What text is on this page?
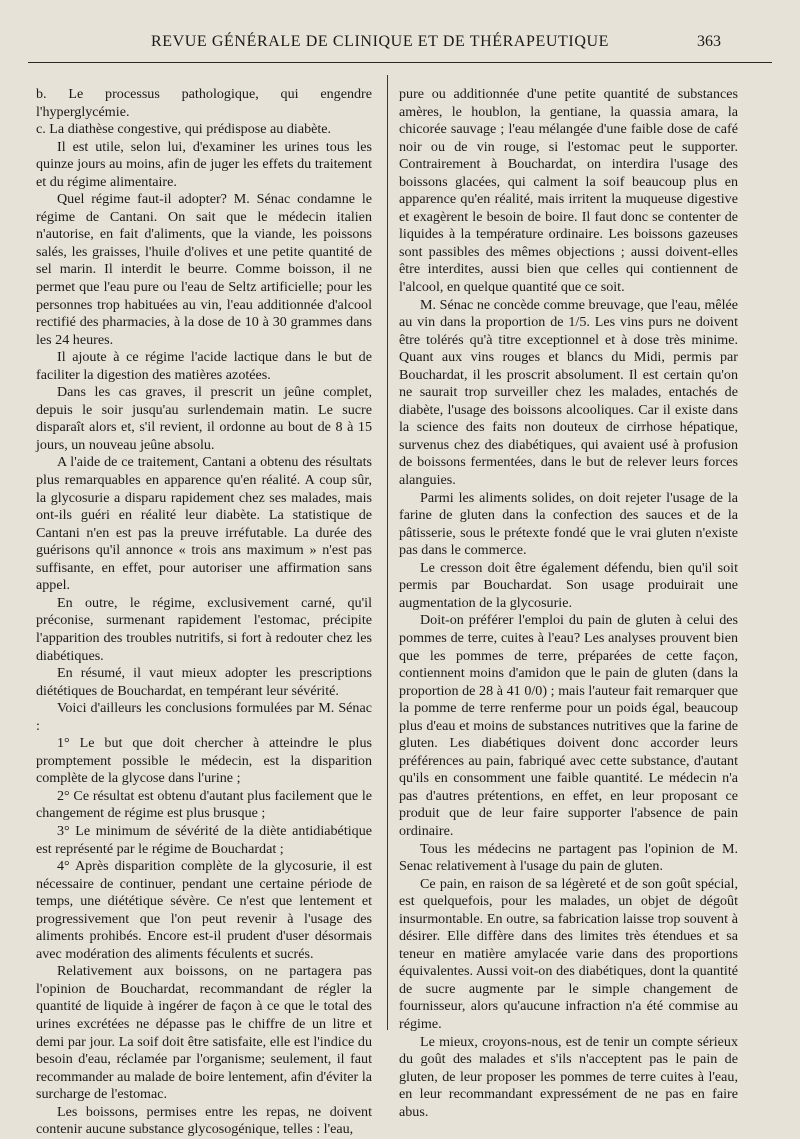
REVUE GÉNÉRALE DE CLINIQUE ET DE THÉRAPEUTIQUE	363

b. Le processus pathologique, qui engendre l'hyperglycémie.

c. La diathèse congestive, qui prédispose au diabète.

Il est utile, selon lui, d'examiner les urines tous les quinze jours au moins, afin de juger les effets du traitement et du régime alimentaire.

Quel régime faut-il adopter? M. Sénac condamne le régime de Cantani. On sait que le médecin italien n'autorise, en fait d'aliments, que la viande, les poissons salés, les graisses, l'huile d'olives et une petite quantité de sel marin. Il interdit le beurre. Comme boisson, il ne permet que l'eau pure ou l'eau de Seltz artificielle; pour les personnes trop habituées au vin, l'eau additionnée d'alcool rectifié des pharmacies, à la dose de 10 à 30 grammes dans les 24 heures.

Il ajoute à ce régime l'acide lactique dans le but de faciliter la digestion des matières azotées.

Dans les cas graves, il prescrit un jeûne complet, depuis le soir jusqu'au surlendemain matin. Le sucre disparaît alors et, s'il revient, il ordonne au bout de 8 à 15 jours, un nouveau jeûne absolu.

A l'aide de ce traitement, Cantani a obtenu des résultats plus remarquables en apparence qu'en réalité. A coup sûr, la glycosurie a disparu rapidement chez ses malades, mais ont-ils guéri en réalité leur diabète. La statistique de Cantani n'en est pas la preuve irréfutable. La durée des guérisons qu'il annonce « trois ans maximum » n'est pas suffisante, en effet, pour autoriser une affirmation sans appel.

En outre, le régime, exclusivement carné, qu'il préconise, surmenant rapidement l'estomac, précipite l'apparition des troubles nutritifs, si fort à redouter chez les diabétiques.

En résumé, il vaut mieux adopter les prescriptions diététiques de Bouchardat, en tempérant leur sévérité.

Voici d'ailleurs les conclusions formulées par M. Sénac :

1° Le but que doit chercher à atteindre le plus promptement possible le médecin, est la disparition complète de la glycose dans l'urine ;

2° Ce résultat est obtenu d'autant plus facilement que le changement de régime est plus brusque ;

3° Le minimum de sévérité de la diète antidiabétique est représenté par le régime de Bouchardat ;

4° Après disparition complète de la glycosurie, il est nécessaire de continuer, pendant une certaine période de temps, une diététique sévère. Ce n'est que lentement et progressivement que l'on peut revenir à l'usage des aliments prohibés. Encore est-il prudent d'user désormais avec modération des aliments féculents et sucrés.

Relativement aux boissons, on ne partagera pas l'opinion de Bouchardat, recommandant de régler la quantité de liquide à ingérer de façon à ce que le total des urines excrétées ne dépasse pas le chiffre de un litre et demi par jour. La soif doit être satisfaite, elle est l'indice du besoin d'eau, réclamée par l'organisme; seulement, il faut recommander au malade de boire lentement, afin d'éviter la surcharge de l'estomac.

Les boissons, permises entre les repas, ne doivent contenir aucune substance glycosogénique, telles : l'eau,

pure ou additionnée d'une petite quantité de substances amères, le houblon, la gentiane, la quassia amara, la chicorée sauvage ; l'eau mélangée d'une faible dose de café noir ou de vin rouge, si l'estomac peut le supporter. Contrairement à Bouchardat, on interdira l'usage des boissons glacées, qui calment la soif beaucoup plus en apparence qu'en réalité, mais irritent la muqueuse digestive et exagèrent le besoin de boire. Il faut donc se contenter de liquides à la température ordinaire. Les boissons gazeuses sont passibles des mêmes objections ; aussi doivent-elles être interdites, aussi bien que celles qui contiennent de l'alcool, en quelque quantité que ce soit.

M. Sénac ne concède comme breuvage, que l'eau, mêlée au vin dans la proportion de 1/5. Les vins purs ne doivent être tolérés qu'à titre exceptionnel et à dose très minime. Quant aux vins rouges et blancs du Midi, permis par Bouchardat, il les proscrit absolument. Il est certain qu'on ne saurait trop surveiller chez les malades, entachés de diabète, l'usage des boissons alcooliques. Car il existe dans la science des faits non douteux de cirrhose hépatique, survenus chez des diabétiques, qui avaient usé à profusion de boissons fermentées, dans le but de relever leurs forces alanguies.

Parmi les aliments solides, on doit rejeter l'usage de la farine de gluten dans la confection des sauces et de la pâtisserie, sous le prétexte fondé que le vrai gluten n'existe pas dans le commerce.

Le cresson doit être également défendu, bien qu'il soit permis par Bouchardat. Son usage produirait une augmentation de la glycosurie.

Doit-on préférer l'emploi du pain de gluten à celui des pommes de terre, cuites à l'eau? Les analyses prouvent bien que les pommes de terre, préparées de cette façon, contiennent moins d'amidon que le pain de gluten (dans la proportion de 28 à 41 0/0) ; mais l'auteur fait remarquer que la pomme de terre renferme pour un poids égal, beaucoup plus d'eau et moins de substances nutritives que la farine de gluten. Les diabétiques doivent donc accorder leurs préférences au pain, fabriqué avec cette substance, d'autant qu'ils en consomment une faible quantité. Le médecin n'a pas d'autres prétentions, en effet, en leur proposant ce produit que de leur faire supporter l'absence de pain ordinaire.

Tous les médecins ne partagent pas l'opinion de M. Senac relativement à l'usage du pain de gluten.

Ce pain, en raison de sa légèreté et de son goût spécial, est quelquefois, pour les malades, un objet de dégoût insurmontable. En outre, sa fabrication laisse trop souvent à désirer. Elle diffère dans des limites très étendues et sa teneur en matière amylacée varie dans des proportions équivalentes. Aussi voit-on des diabétiques, dont la quantité de sucre augmente par le simple changement de fournisseur, alors qu'aucune infraction n'a été commise au régime.

Le mieux, croyons-nous, est de tenir un compte sérieux du goût des malades et s'ils n'acceptent pas le pain de gluten, de leur proposer les pommes de terre cuites à l'eau, en leur recommandant expressément de ne pas en faire abus.
